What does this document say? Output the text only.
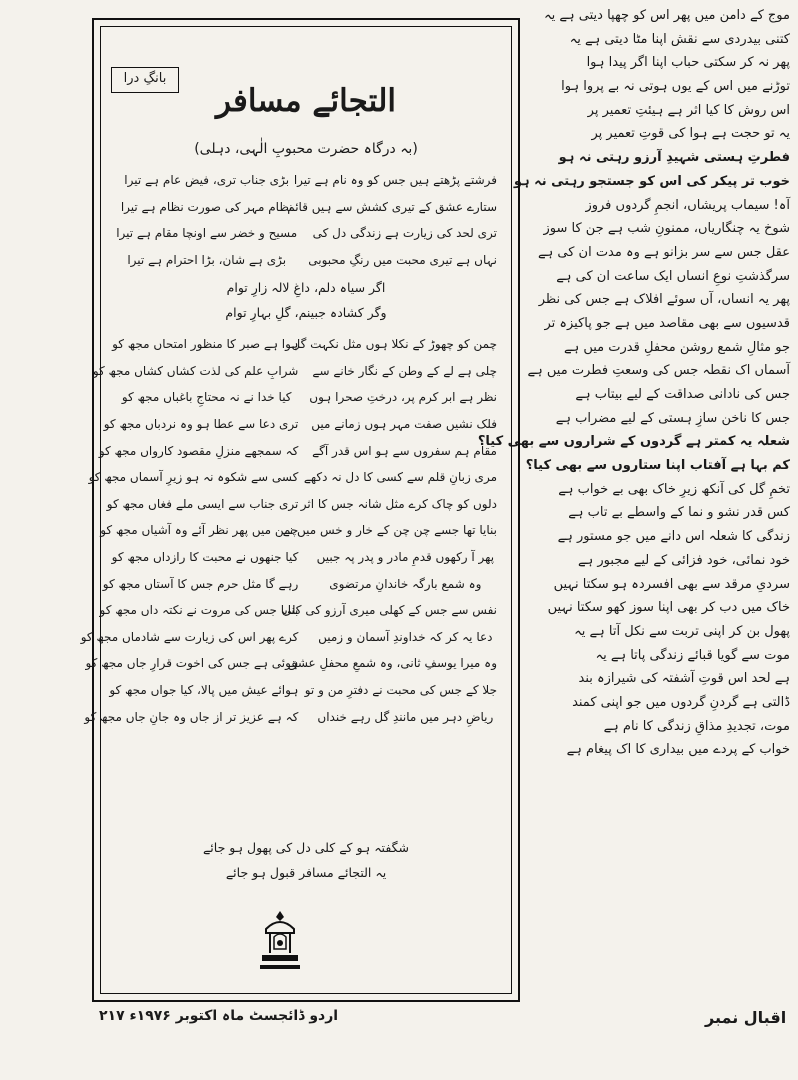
موج کے دامن میں پھر اس کو چھپا دیتی ہے یہ
کتنی بیدردی سے نقش اپنا مٹا دیتی ہے یہ
پھر نہ کر سکتی حباب اپنا اگر پیدا ہوا
توڑنے میں اس کے یوں ہوتی نہ بے پروا ہوا
اس روش کا کیا اثر ہے ہیئتِ تعمیر پر
یہ تو حجت ہے ہوا کی قوتِ تعمیر پر
فطرتِ ہستی شہیدِ آرزو رہتی نہ ہو
خوب تر پیکر کی اس کو جستجو رہتی نہ ہو
آہ! سیماب پریشاں، انجمِ گردوں فروز
شوخ یہ چنگاریاں، ممنونِ شب ہے جن کا سوز
عقل جس سے سر بزانو ہے وہ مدت ان کی ہے
سرگذشتِ نوعِ انساں ایک ساعت ان کی ہے
پھر یہ انساں، آں سوئے افلاک ہے جس کی نظر
قدسیوں سے بھی مقاصد میں ہے جو پاکیزہ تر
جو مثالِ شمع روشن محفلِ قدرت میں ہے
آسماں اک نقطہ جس کی وسعتِ فطرت میں ہے
جس کی نادانی صداقت کے لیے بیتاب ہے
جس کا ناخن سازِ ہستی کے لیے مضراب ہے
شعلہ یہ کمتر ہے گردوں کے شراروں سے بھی کیا؟
کم بہا ہے آفتاب اپنا ستاروں سے بھی کیا؟
تخمِ گل کی آنکھ زیرِ خاک بھی بے خواب ہے
کس قدر نشو و نما کے واسطے بے تاب ہے
زندگی کا شعلہ اس دانے میں جو مستور ہے
خود نمائی، خود فزائی کے لیے مجبور ہے
سردیِ مرقد سے بھی افسردہ ہو سکتا نہیں
خاک میں دب کر بھی اپنا سوز کھو سکتا نہیں
پھول بن کر اپنی تربت سے نکل آتا ہے یہ
موت سے گویا قبائے زندگی پاتا ہے یہ
ہے لحد اس قوتِ آشفتہ کی شیرازہ بند
ڈالتی ہے گردنِ گردوں میں جو اپنی کمند
موت، تجدیدِ مذاقِ زندگی کا نام ہے
خواب کے پردے میں بیداری کا اک پیغام ہے
بانگِ درا
التجائے مسافر
(بہ درگاہ حضرت محبوبِ الٰہی، دہلی)
فرشتے پڑھتے ہیں جس کو وہ نام ہے تیرا
بڑی جناب تری، فیض عام ہے تیرا
ستارے عشق کے تیری کشش سے ہیں قائم
نظام مہر کی صورت نظام ہے تیرا
تری لحد کی زیارت ہے زندگی دل کی
مسیح و خضر سے اونچا مقام ہے تیرا
نہاں ہے تیری محبت میں رنگِ محبوبی
بڑی ہے شان، بڑا احترام ہے تیرا
اگر سیاہ دلم، داغِ لالہ زارِ توام
وگر کشادہ جبینم، گلِ بہارِ توام
چمن کو چھوڑ کے نکلا ہوں مثل نکہت گل
ہوا ہے صبر کا منظور امتحاں مجھ کو
چلی ہے لے کے وطن کے نگار خانے سے
شرابِ علم کی لذت کشاں کشاں مجھ کو
نظر ہے ابر کرم پر، درختِ صحرا ہوں
کیا خدا نے نہ محتاجِ باغباں مجھ کو
فلک نشیں صفت مہر ہوں زمانے میں
تری دعا سے عطا ہو وہ نردباں مجھ کو
مقام ہم سفروں سے ہو اس قدر آگے
کہ سمجھے منزلِ مقصود کارواں مجھ کو
مری زبانِ قلم سے کسی کا دل نہ دکھے
کسی سے شکوہ نہ ہو زیرِ آسماں مجھ کو
دلوں کو چاک کرے مثل شانہ جس کا اثر
تری جناب سے ایسی ملے فغاں مجھ کو
بنایا تھا جسے چن چن کے خار و خس میں نے
چمن میں پھر نظر آئے وہ آشیاں مجھ کو
پھر آ رکھوں قدمِ مادر و پدر پہ جبیں
کیا جنھوں نے محبت کا رازداں مجھ کو
وہ شمع بارگہ خاندانِ مرتضوی
رہے گا مثل حرم جس کا آستاں مجھ کو
نفس سے جس کے کھلی میری آرزو کی کلی
بنایا جس کی مروت نے نکتہ داں مجھ کو
دعا یہ کر کہ خداوندِ آسمان و زمیں
کرے پھر اس کی زیارت سے شادماں مجھ کو
وہ میرا یوسفِ ثانی، وہ شمعِ محفلِ عشق
ہوئی ہے جس کی اخوت قرارِ جاں مجھ کو
جلا کے جس کی محبت نے دفترِ من و تو
ہوائے عیش میں پالا، کیا جواں مجھ کو
ریاضِ دہر میں مانندِ گل رہے خنداں
کہ ہے عزیز تر از جاں وہ جانِ جاں مجھ کو
شگفتہ ہو کے کلی دل کی پھول ہو جائے
یہ التجائے مسافر قبول ہو جائے
اردو ڈائجسٹ ماہ اکتوبر ۱۹۷۶ء ۲۱۷	اقبال نمبر
